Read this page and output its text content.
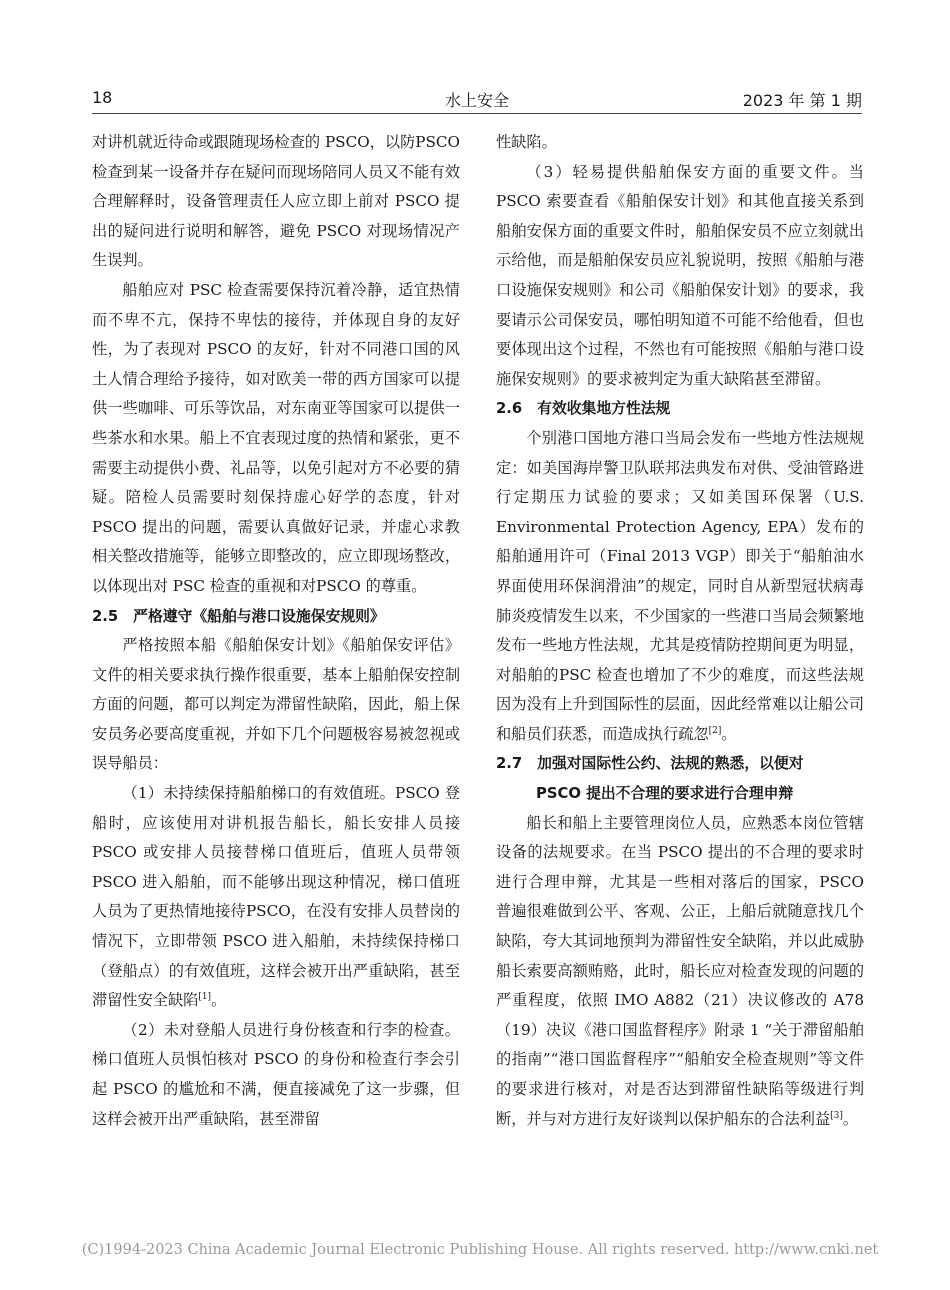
18	水上安全	2023 年 第 1 期

对讲机就近待命或跟随现场检查的 PSCO，以防PSCO 检查到某一设备并存在疑问而现场陪同人员又不能有效合理解释时，设备管理责任人应立即上前对 PSCO 提出的疑问进行说明和解答，避免 PSCO 对现场情况产生误判。

船舶应对 PSC 检查需要保持沉着冷静，适宜热情而不卑不亢，保持不卑怯的接待，并体现自身的友好性，为了表现对 PSCO 的友好，针对不同港口国的风土人情合理给予接待，如对欧美一带的西方国家可以提供一些咖啡、可乐等饮品，对东南亚等国家可以提供一些茶水和水果。船上不宜表现过度的热情和紧张，更不需要主动提供小费、礼品等，以免引起对方不必要的猜疑。陪检人员需要时刻保持虚心好学的态度，针对 PSCO 提出的问题，需要认真做好记录，并虚心求教相关整改措施等，能够立即整改的，应立即现场整改，以体现出对 PSC 检查的重视和对PSCO 的尊重。

2.5 严格遵守《船舶与港口设施保安规则》

严格按照本船《船舶保安计划》《船舶保安评估》文件的相关要求执行操作很重要，基本上船舶保安控制方面的问题，都可以判定为滞留性缺陷，因此，船上保安员务必要高度重视，并如下几个问题极容易被忽视或误导船员：

（1）未持续保持船舶梯口的有效值班。PSCO 登船时，应该使用对讲机报告船长，船长安排人员接 PSCO 或安排人员接替梯口值班后，值班人员带领 PSCO 进入船舶，而不能够出现这种情况，梯口值班人员为了更热情地接待PSCO，在没有安排人员替岗的情况下，立即带领 PSCO 进入船舶，未持续保持梯口（登船点）的有效值班，这样会被开出严重缺陷，甚至滞留性安全缺陷[1]。

（2）未对登船人员进行身份核查和行李的检查。梯口值班人员惧怕核对 PSCO 的身份和检查行李会引起 PSCO 的尴尬和不满，便直接减免了这一步骤，但这样会被开出严重缺陷，甚至滞留

性缺陷。

（3）轻易提供船舶保安方面的重要文件。当PSCO 索要查看《船舶保安计划》和其他直接关系到船舶安保方面的重要文件时，船舶保安员不应立刻就出示给他，而是船舶保安员应礼貌说明，按照《船舶与港口设施保安规则》和公司《船舶保安计划》的要求，我要请示公司保安员，哪怕明知道不可能不给他看，但也要体现出这个过程，不然也有可能按照《船舶与港口设施保安规则》的要求被判定为重大缺陷甚至滞留。

2.6 有效收集地方性法规

个别港口国地方港口当局会发布一些地方性法规规定：如美国海岸警卫队联邦法典发布对供、受油管路进行定期压力试验的要求；又如美国环保署（U.S. Environmental Protection Agency, EPA）发布的船舶通用许可（Final 2013 VGP）即关于“船舶油水界面使用环保润滑油”的规定，同时自从新型冠状病毒肺炎疫情发生以来，不少国家的一些港口当局会频繁地发布一些地方性法规，尤其是疫情防控期间更为明显，对船舶的PSC 检查也增加了不少的难度，而这些法规因为没有上升到国际性的层面，因此经常难以让船公司和船员们获悉，而造成执行疏忽[2]。

2.7 加强对国际性公约、法规的熟悉，以便对
PSCO 提出不合理的要求进行合理申辩

船长和船上主要管理岗位人员，应熟悉本岗位管辖设备的法规要求。在当 PSCO 提出的不合理的要求时进行合理申辩，尤其是一些相对落后的国家，PSCO 普遍很难做到公平、客观、公正，上船后就随意找几个缺陷，夸大其词地预判为滞留性安全缺陷，并以此威胁船长索要高额贿赂，此时，船长应对检查发现的问题的严重程度，依照 IMO A882（21）决议修改的 A78（19）决议《港口国监督程序》附录 1 “关于滞留船舶的指南”“港口国监督程序”“船舶安全检查规则”等文件的要求进行核对，对是否达到滞留性缺陷等级进行判断，并与对方进行友好谈判以保护船东的合法利益[3]。

(C)1994-2023 China Academic Journal Electronic Publishing House. All rights reserved. http://www.cnki.net
